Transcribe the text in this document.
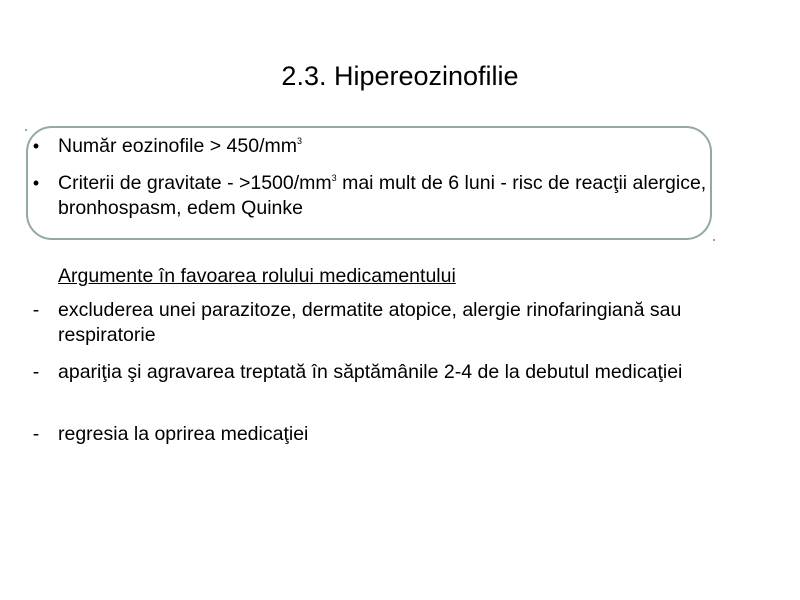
2.3. Hipereozinofilie
• Număr eozinofile > $450/mm^3$
• Criterii de gravitate - $>1500/mm^3$ mai mult de 6 luni - risc de reacţii alergice, bronhospasm, edem Quinke
Argumente în favoarea rolului medicamentului
- excluderea unei parazitoze, dermatite atopice, alergie rinofaringiană sau respiratorie
- apariţia şi agravarea treptată în săptămânile 2-4 de la debutul medicaţiei
- regresia la oprirea medicaţiei
